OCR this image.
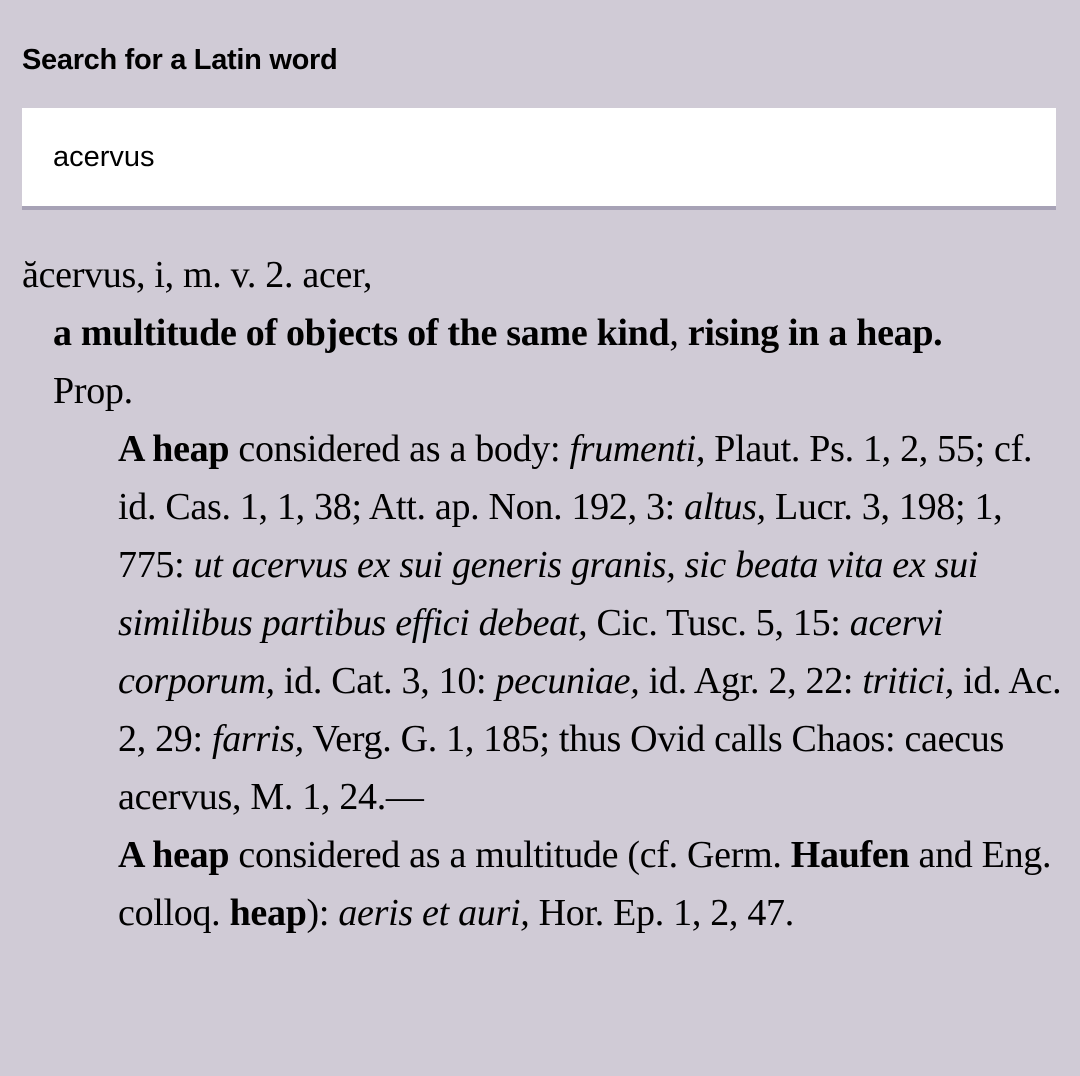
Search for a Latin word
acervus

ăcervus, i, m. v. 2. acer,

a multitude of objects of the same kind, rising in a heap.

Prop.

A heap considered as a body: frumenti, Plaut. Ps. 1, 2, 55; cf. id. Cas. 1, 1, 38; Att. ap. Non. 192, 3: altus, Lucr. 3, 198; 1, 775: ut acervus ex sui generis granis, sic beata vita ex sui similibus partibus effici debeat, Cic. Tusc. 5, 15: acervi corporum, id. Cat. 3, 10: pecuniae, id. Agr. 2, 22: tritici, id. Ac. 2, 29: farris, Verg. G. 1, 185; thus Ovid calls Chaos: caecus acervus, M. 1, 24.—

A heap considered as a multitude (cf. Germ. Haufen and Eng. colloq. heap): aeris et auri, Hor. Ep. 1, 2, 47.
